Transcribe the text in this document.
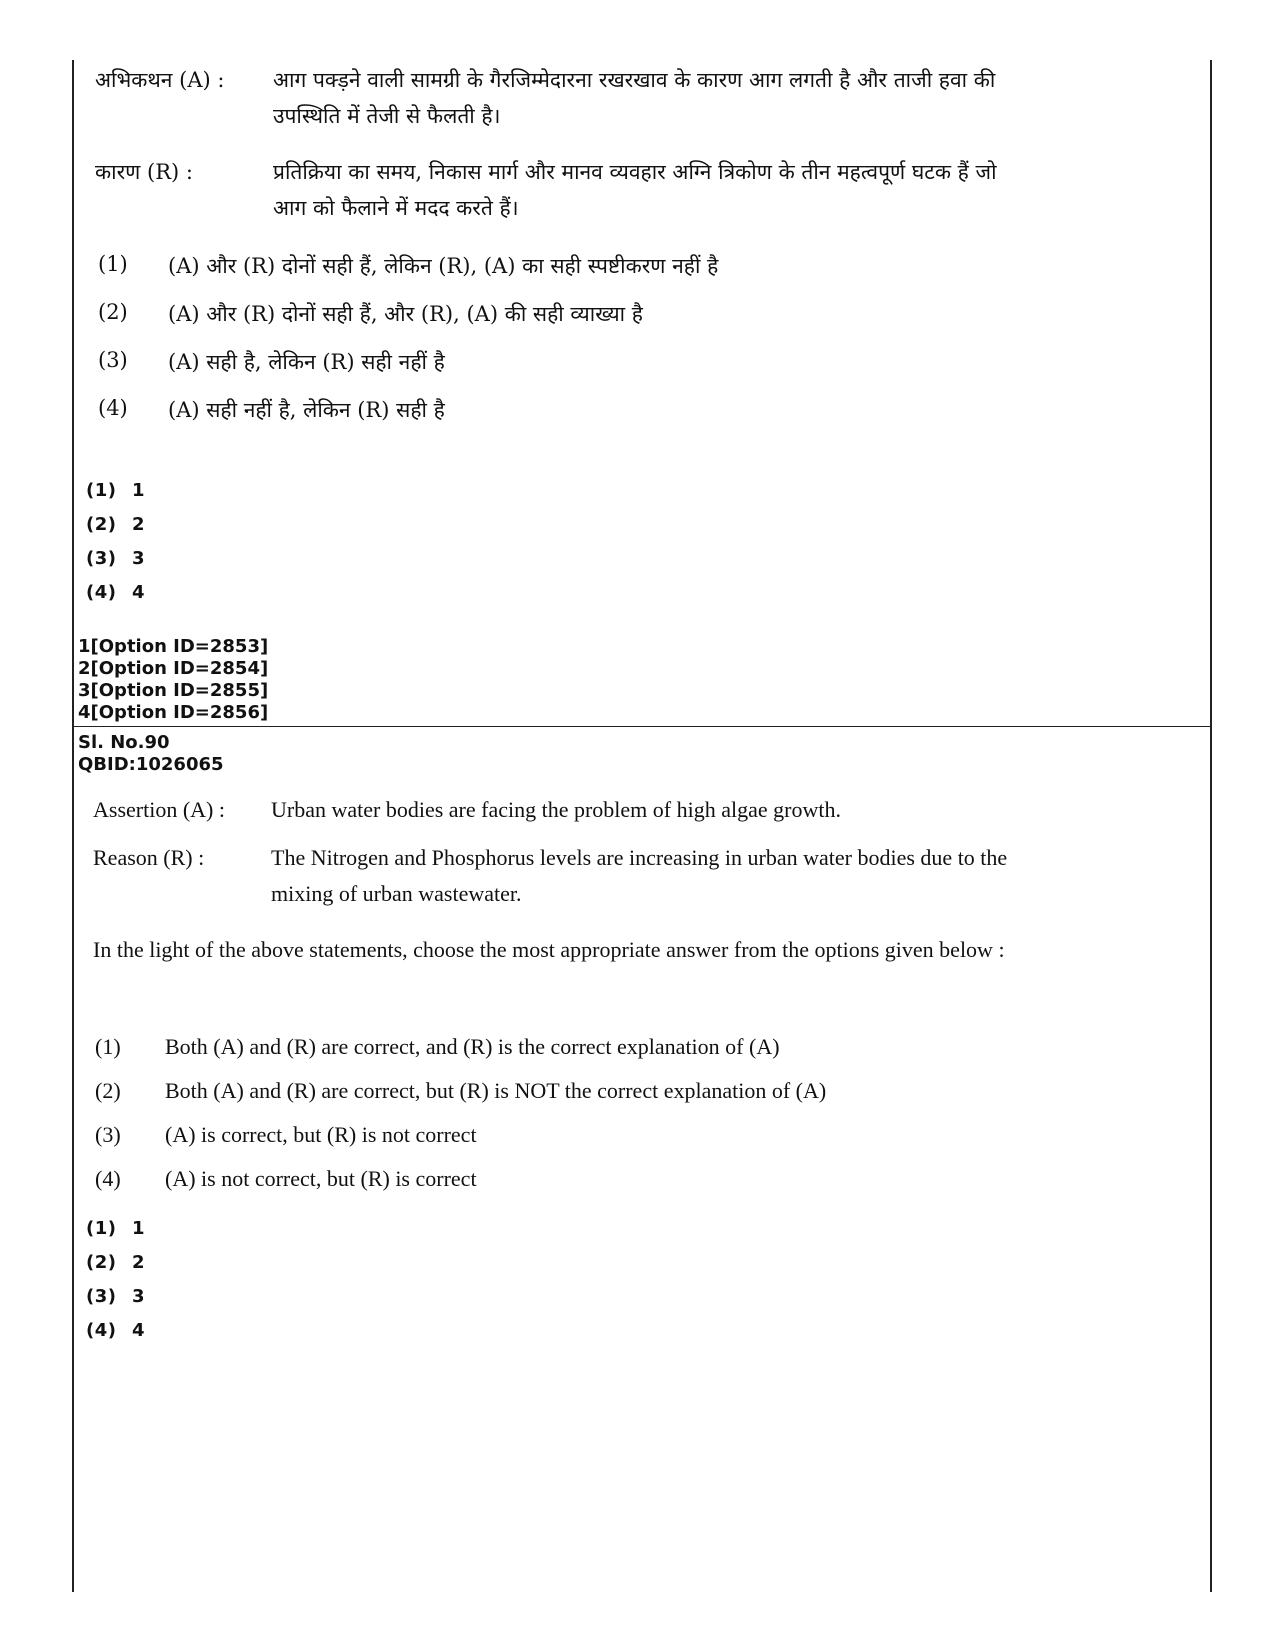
अभिकथन (A) : आग पक्ड़ने वाली सामग्री के गैरजिम्मेदारना रखरखाव के कारण आग लगती है और ताजी हवा की उपस्थिति में तेजी से फैलती है।
कारण (R) :	प्रतिक्रिया का समय, निकास मार्ग और मानव व्यवहार अग्नि त्रिकोण के तीन महत्वपूर्ण घटक हैं जो आग को फैलाने में मदद करते हैं।
(1) (A) और (R) दोनों सही हैं, लेकिन (R), (A) का सही स्पष्टीकरण नहीं है
(2) (A) और (R) दोनों सही हैं, और (R), (A) की सही व्याख्या है
(3) (A) सही है, लेकिन (R) सही नहीं है
(4) (A) सही नहीं है, लेकिन (R) सही है
(1) 1
(2) 2
(3) 3
(4) 4
1[Option ID=2853]
2[Option ID=2854]
3[Option ID=2855]
4[Option ID=2856]
Sl. No.90
QBID:1026065
Assertion (A) : Urban water bodies are facing the problem of high algae growth.
Reason (R) :	The Nitrogen and Phosphorus levels are increasing in urban water bodies due to the mixing of urban wastewater.
In the light of the above statements, choose the most appropriate answer from the options given below :
(1) Both (A) and (R) are correct, and (R) is the correct explanation of (A)
(2) Both (A) and (R) are correct, but (R) is NOT the correct explanation of (A)
(3) (A) is correct, but (R) is not correct
(4) (A) is not correct, but (R) is correct
(1) 1
(2) 2
(3) 3
(4) 4
